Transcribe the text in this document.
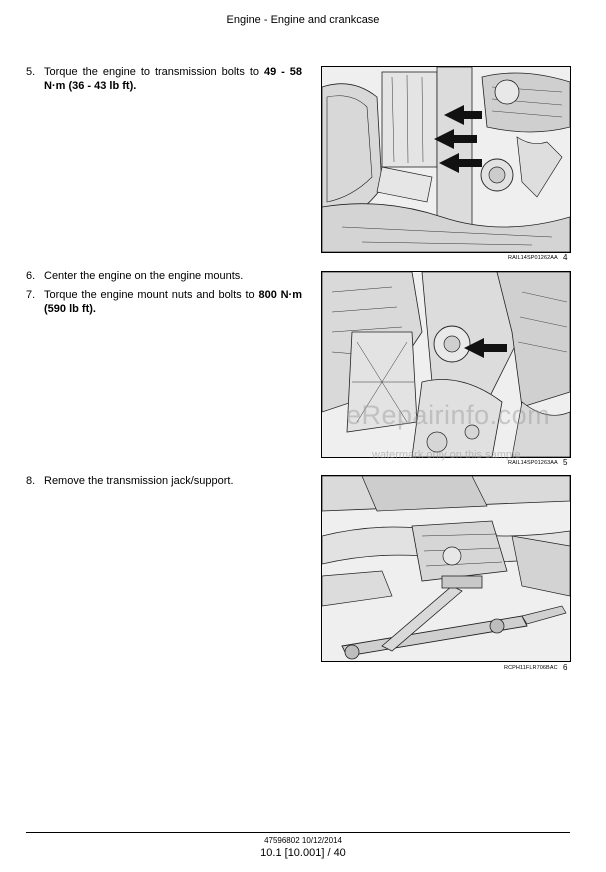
Engine - Engine and crankcase
5. Torque the engine to transmission bolts to 49 - 58 N·m (36 - 43 lb ft).
RAIL14SP01262AA 4
6. Center the engine on the engine mounts.
7. Torque the engine mount nuts and bolts to 800 N·m (590 lb ft).
RAIL14SP01263AA 5
8. Remove the transmission jack/support.
RCPH11FLR706BAC 6
eRepairinfo.com
watermark only on this sample
47596802 10/12/2014
10.1 [10.001] / 40
